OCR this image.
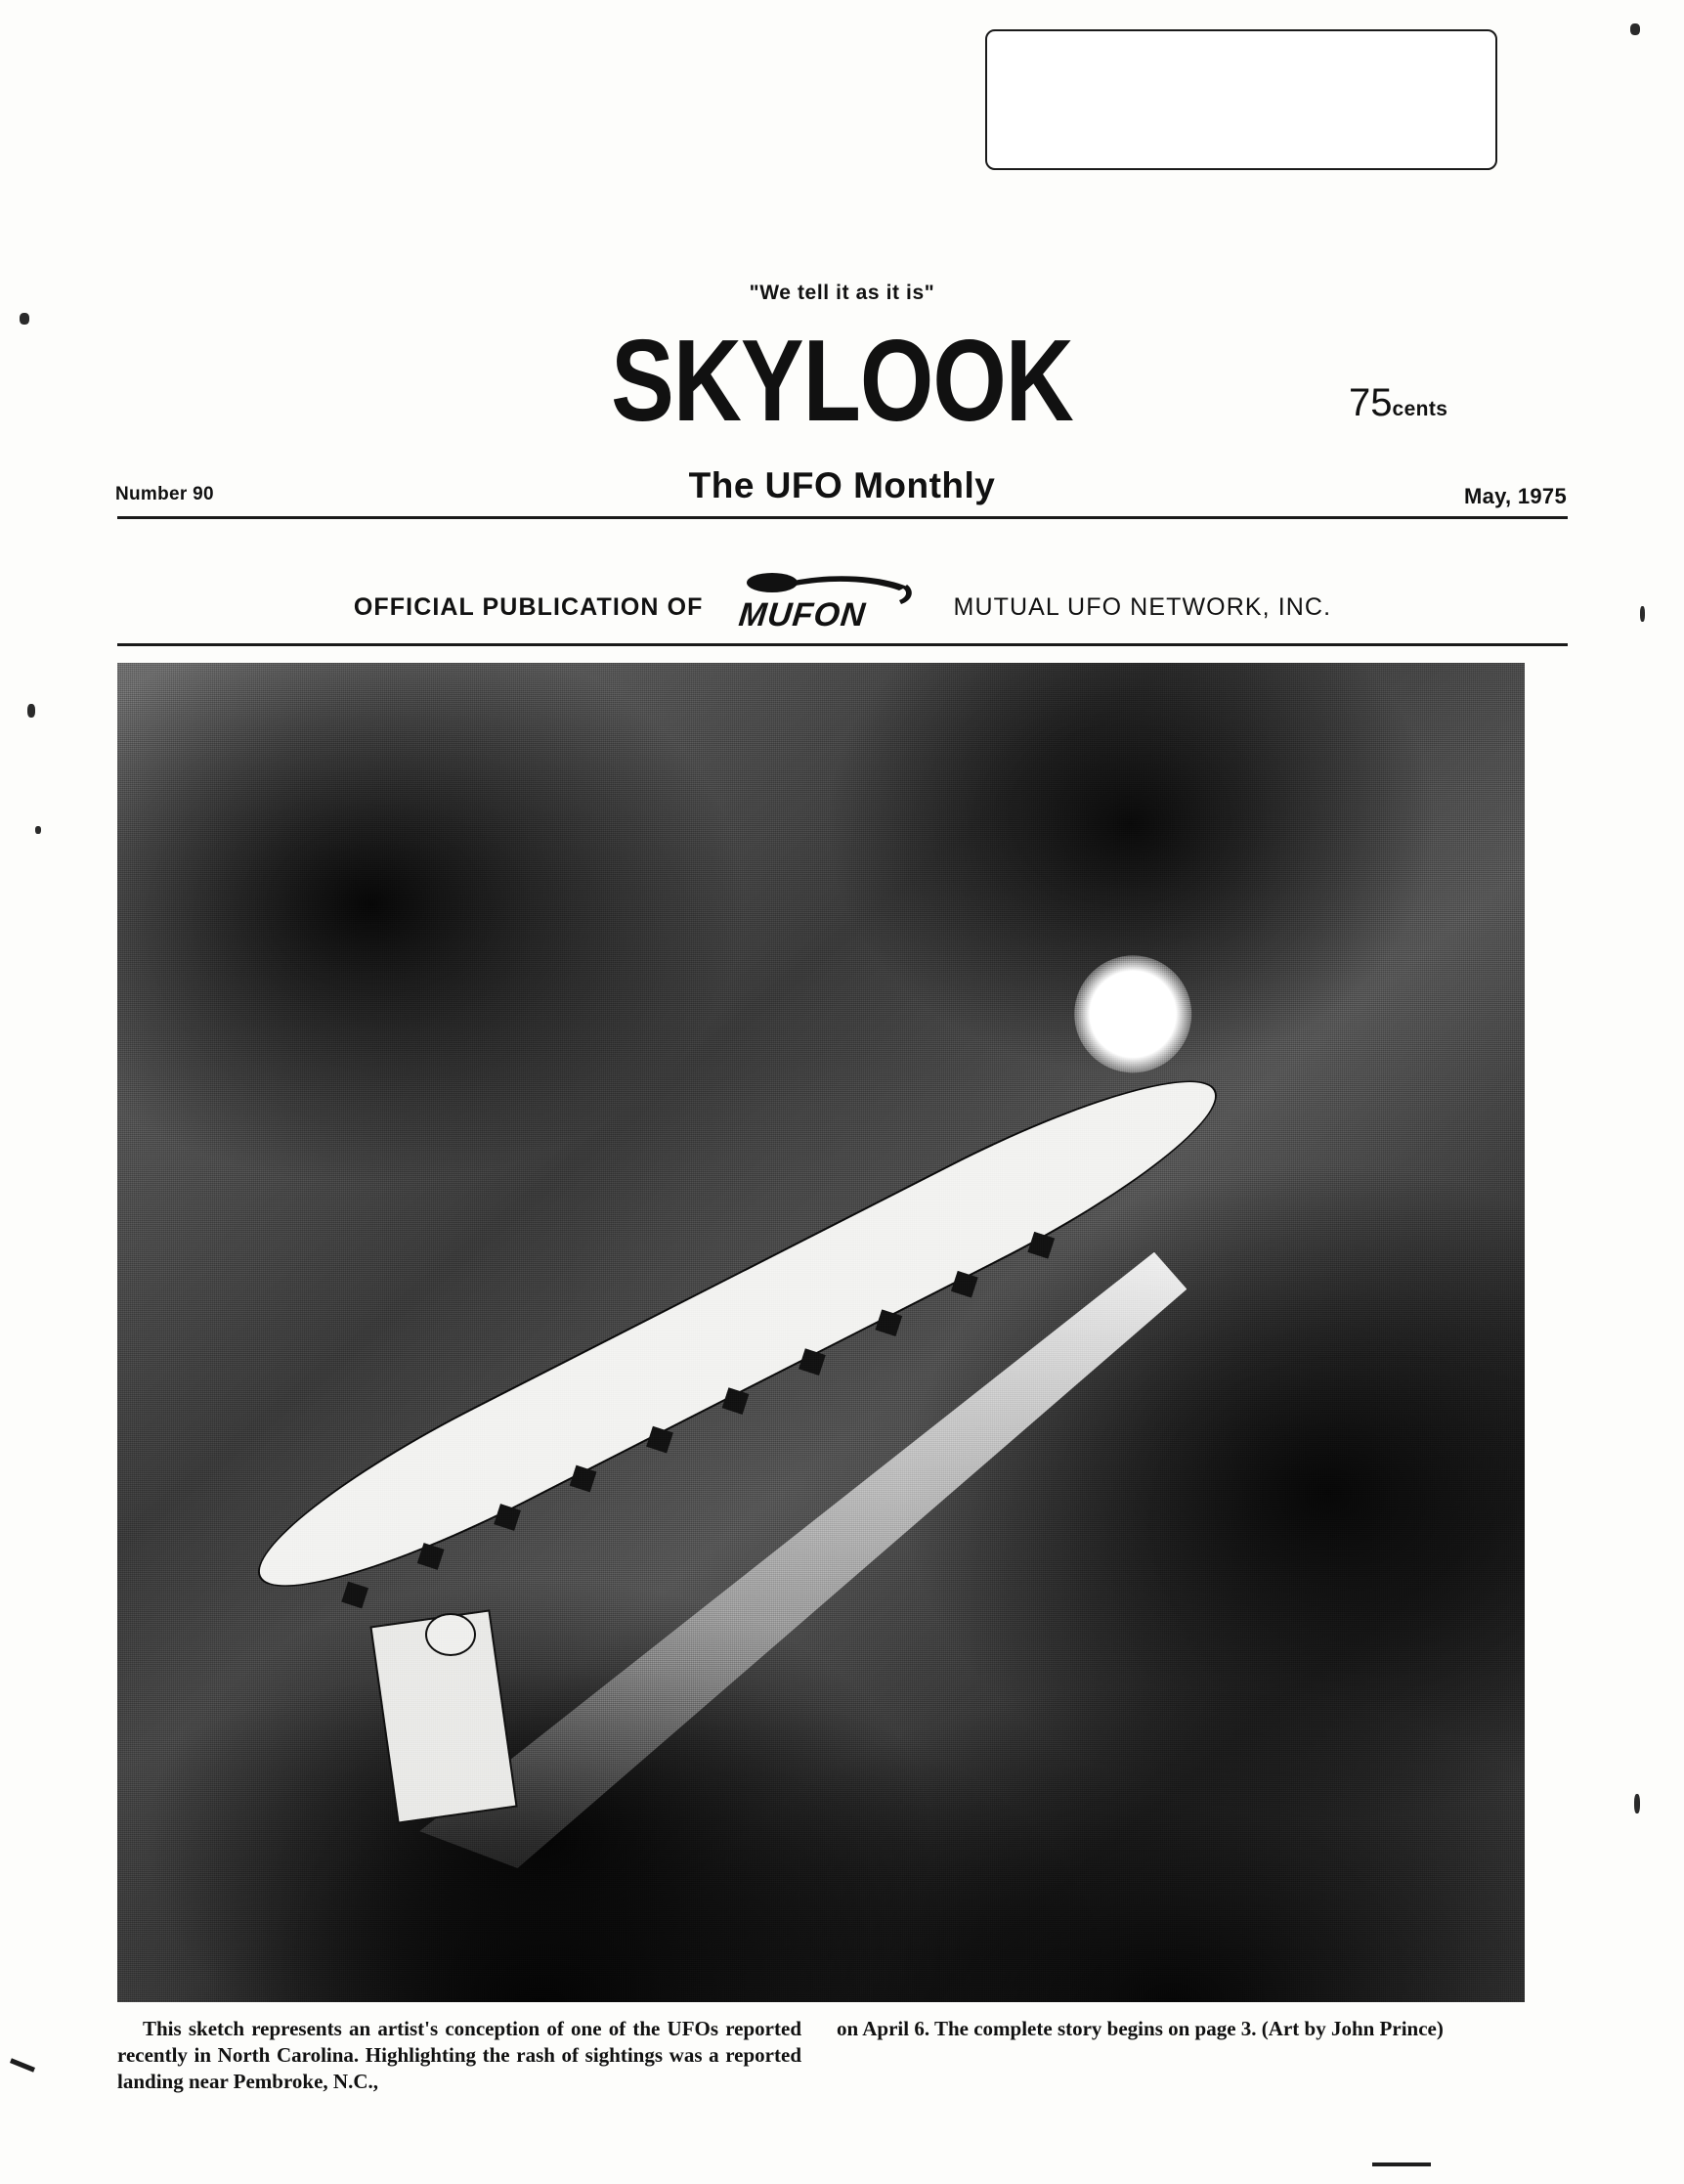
"We tell it as it is"
SKYLOOK
The UFO Monthly
75cents
Number 90	May, 1975
OFFICIAL PUBLICATION OF MUFON	MUTUAL UFO NETWORK, INC.

This sketch represents an artist's conception of one of the UFOs reported recently in North Carolina. Highlighting the rash of sightings was a reported landing near Pembroke, N.C.,

on April 6. The complete story begins on page 3. (Art by John Prince)
